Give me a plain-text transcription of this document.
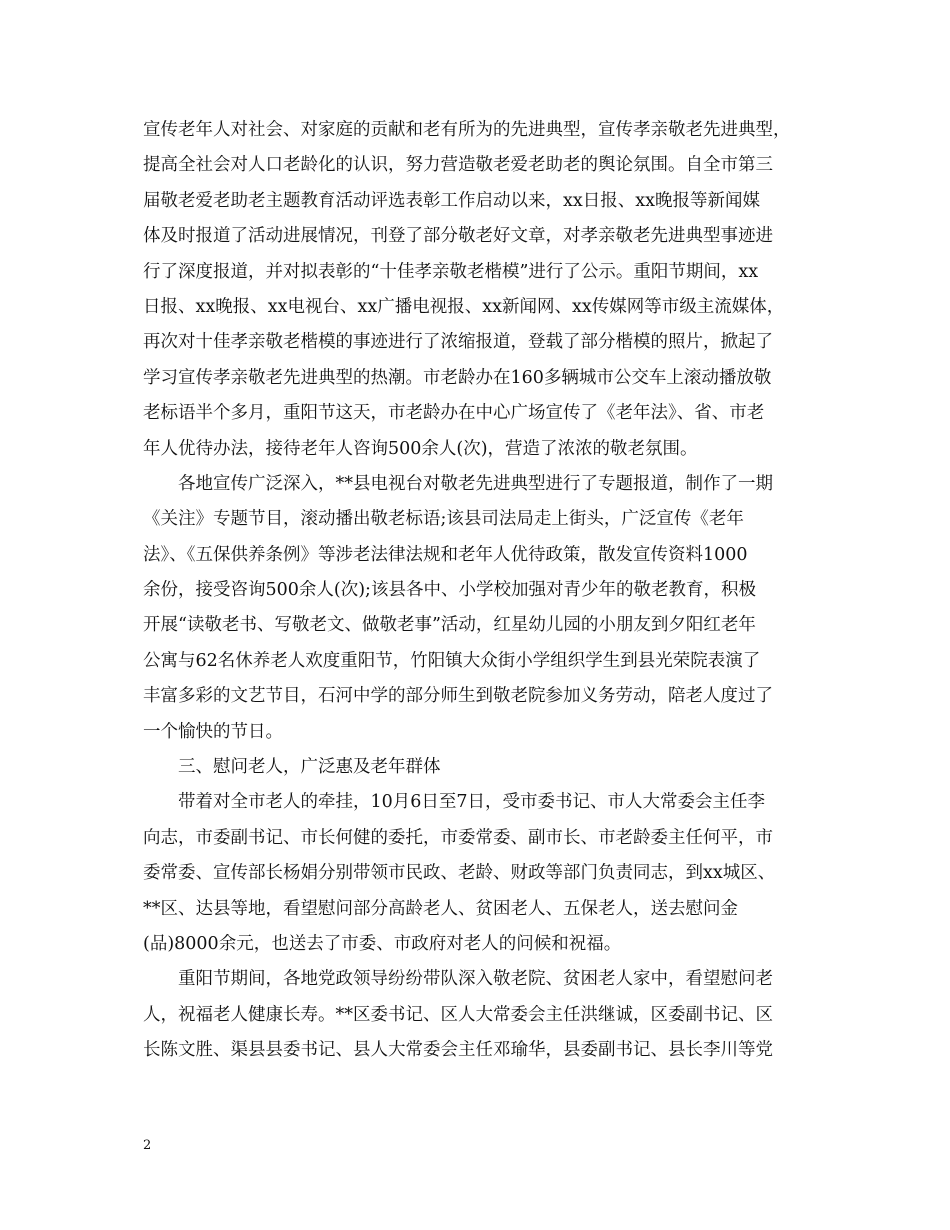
宣传老年人对社会、对家庭的贡献和老有所为的先进典型，宣传孝亲敬老先进典型，
提高全社会对人口老龄化的认识，努力营造敬老爱老助老的舆论氛围。自全市第三
届敬老爱老助老主题教育活动评选表彰工作启动以来，xx日报、xx晚报等新闻媒
体及时报道了活动进展情况，刊登了部分敬老好文章，对孝亲敬老先进典型事迹进
行了深度报道，并对拟表彰的“十佳孝亲敬老楷模”进行了公示。重阳节期间，xx
日报、xx晚报、xx电视台、xx广播电视报、xx新闻网、xx传媒网等市级主流媒体，
再次对十佳孝亲敬老楷模的事迹进行了浓缩报道，登载了部分楷模的照片，掀起了
学习宣传孝亲敬老先进典型的热潮。市老龄办在160多辆城市公交车上滚动播放敬
老标语半个多月，重阳节这天，市老龄办在中心广场宣传了《老年法》、省、市老
年人优待办法，接待老年人咨询500余人(次)，营造了浓浓的敬老氛围。
各地宣传广泛深入，**县电视台对敬老先进典型进行了专题报道，制作了一期
《关注》专题节目，滚动播出敬老标语;该县司法局走上街头，广泛宣传《老年
法》、《五保供养条例》等涉老法律法规和老年人优待政策，散发宣传资料1000
余份，接受咨询500余人(次);该县各中、小学校加强对青少年的敬老教育，积极
开展“读敬老书、写敬老文、做敬老事”活动，红星幼儿园的小朋友到夕阳红老年
公寓与62名休养老人欢度重阳节，竹阳镇大众街小学组织学生到县光荣院表演了
丰富多彩的文艺节目，石河中学的部分师生到敬老院参加义务劳动，陪老人度过了
一个愉快的节日。
三、慰问老人，广泛惠及老年群体
带着对全市老人的牵挂，10月6日至7日，受市委书记、市人大常委会主任李
向志，市委副书记、市长何健的委托，市委常委、副市长、市老龄委主任何平，市
委常委、宣传部长杨娟分别带领市民政、老龄、财政等部门负责同志，到xx城区、
**区、达县等地，看望慰问部分高龄老人、贫困老人、五保老人，送去慰问金
(品)8000余元，也送去了市委、市政府对老人的问候和祝福。
重阳节期间，各地党政领导纷纷带队深入敬老院、贫困老人家中，看望慰问老
人，祝福老人健康长寿。**区委书记、区人大常委会主任洪继诚，区委副书记、区
长陈文胜、渠县县委书记、县人大常委会主任邓瑜华，县委副书记、县长李川等党
2
